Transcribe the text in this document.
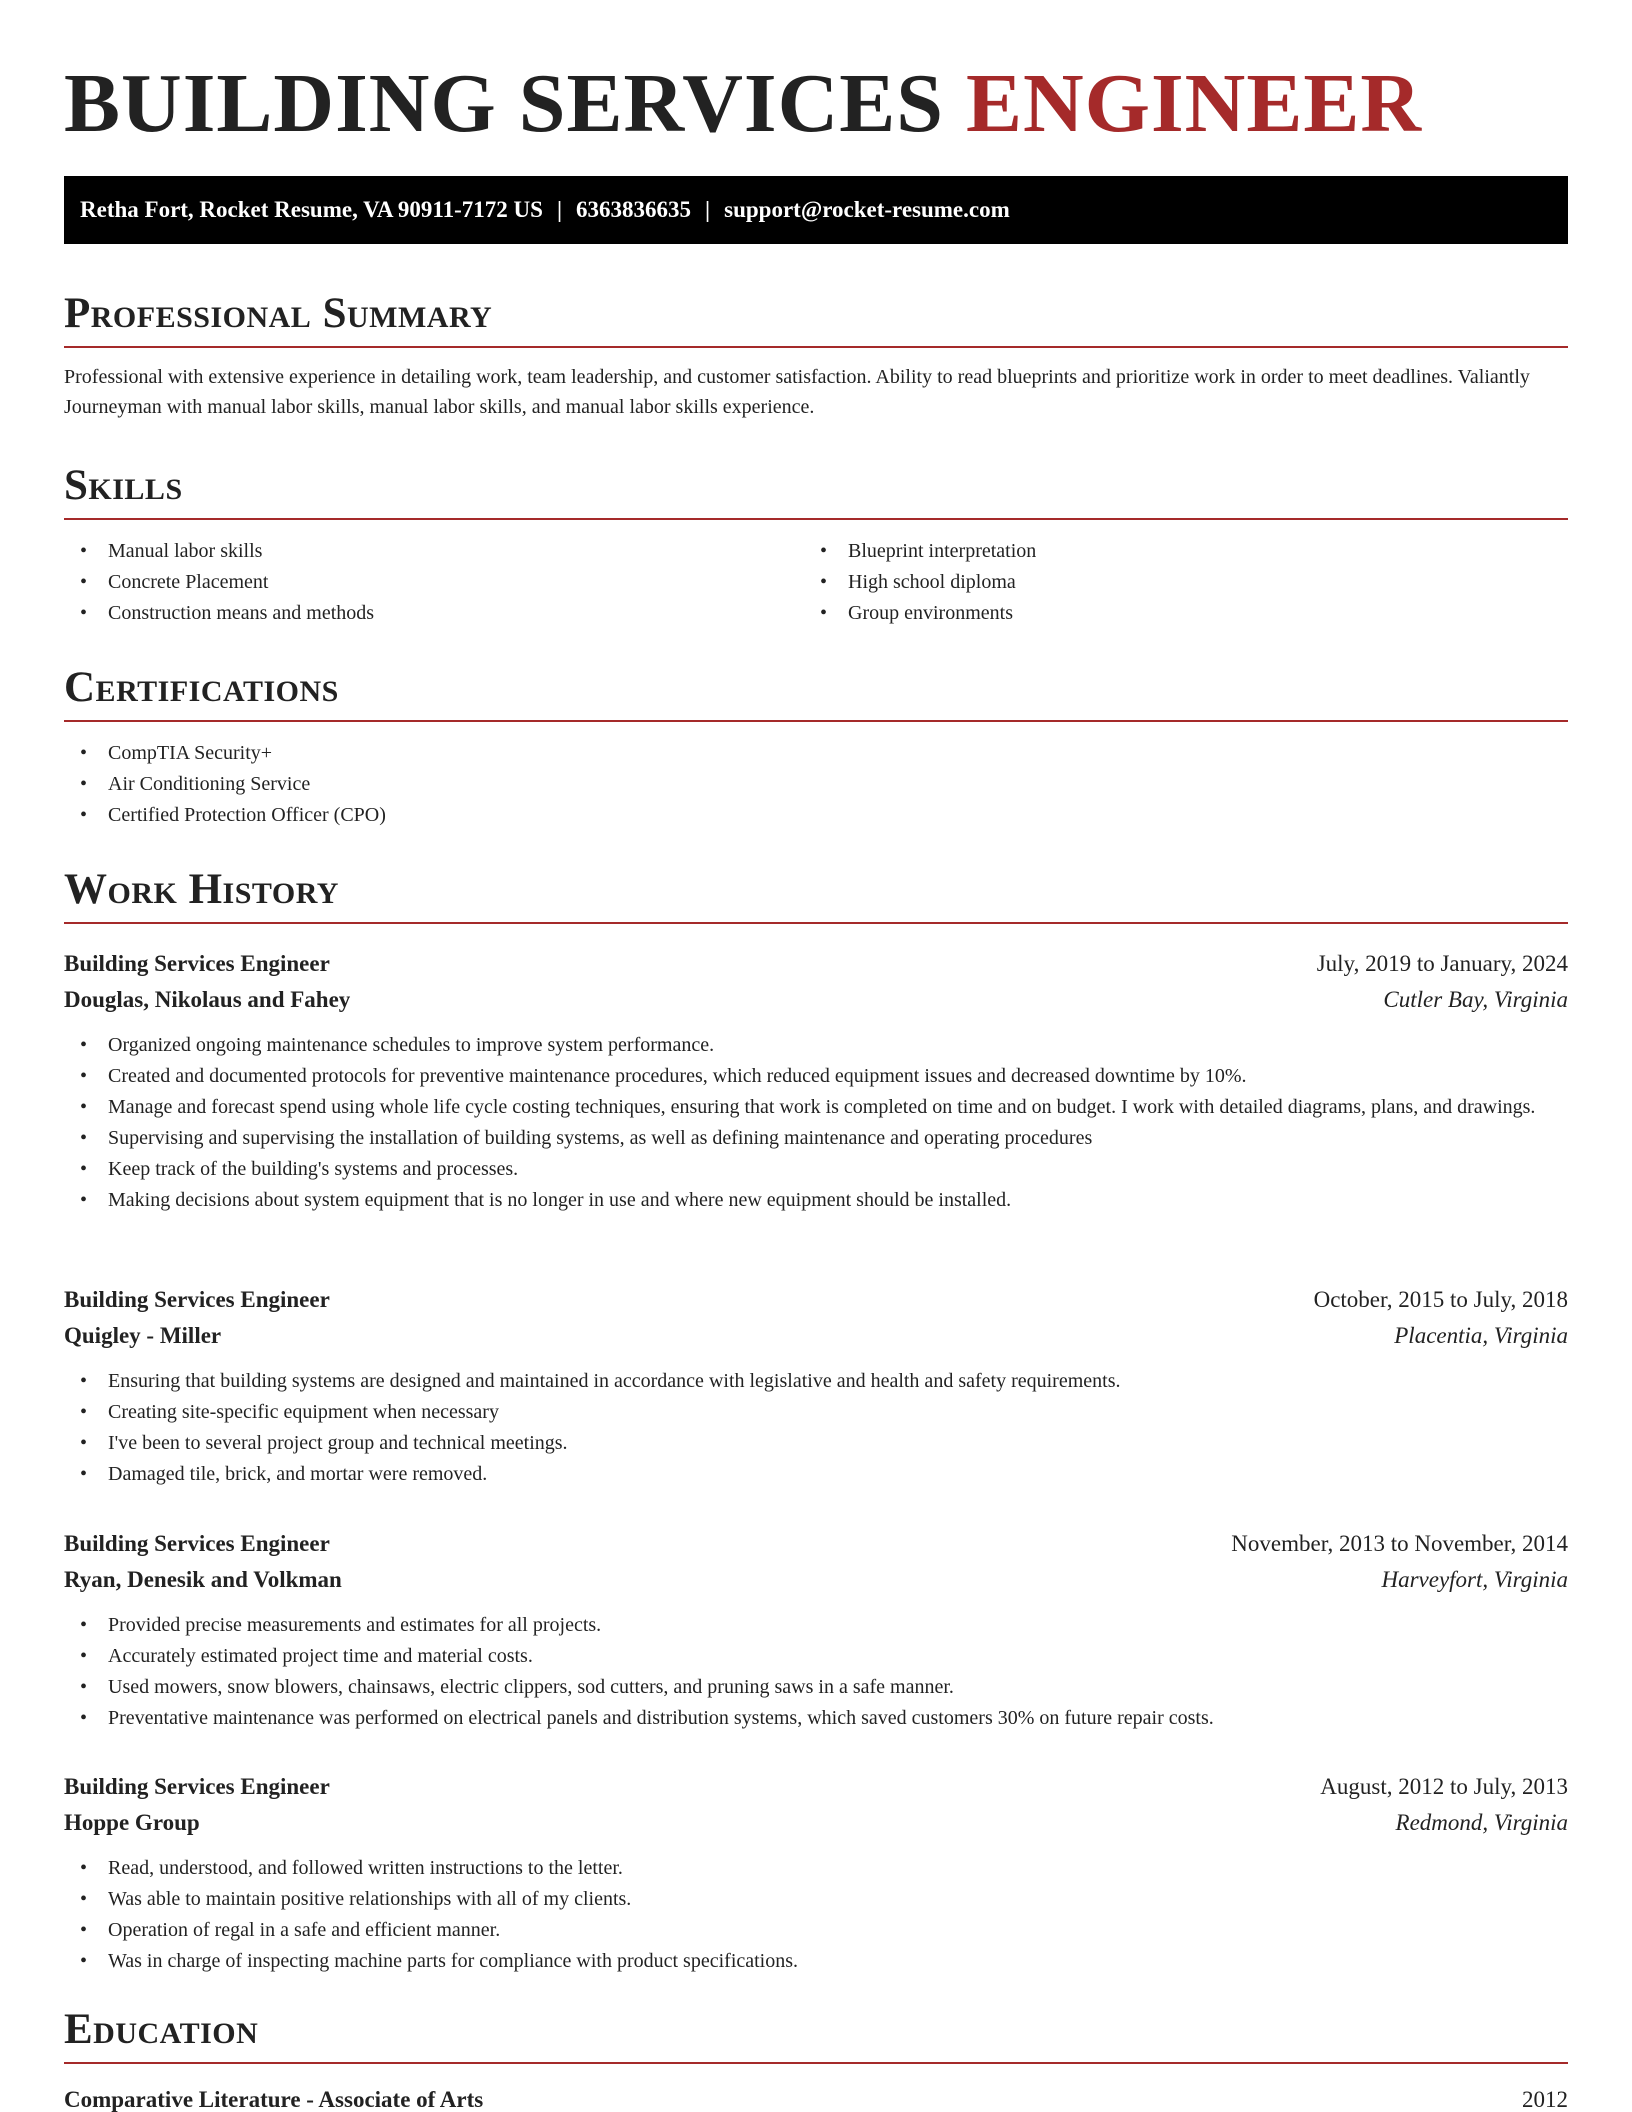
BUILDING SERVICES ENGINEER
Retha Fort, Rocket Resume, VA 90911-7172 US | 6363836635 | support@rocket-resume.com
Professional Summary
Professional with extensive experience in detailing work, team leadership, and customer satisfaction. Ability to read blueprints and prioritize work in order to meet deadlines. Valiantly Journeyman with manual labor skills, manual labor skills, and manual labor skills experience.
Skills
• Manual labor skills
• Concrete Placement
• Construction means and methods
• Blueprint interpretation
• High school diploma
• Group environments
Certifications
• CompTIA Security+
• Air Conditioning Service
• Certified Protection Officer (CPO)
Work History
Building Services Engineer	July, 2019 to January, 2024
Douglas, Nikolaus and Fahey	Cutler Bay, Virginia
• Organized ongoing maintenance schedules to improve system performance.
• Created and documented protocols for preventive maintenance procedures, which reduced equipment issues and decreased downtime by 10%.
• Manage and forecast spend using whole life cycle costing techniques, ensuring that work is completed on time and on budget. I work with detailed diagrams, plans, and drawings.
• Supervising and supervising the installation of building systems, as well as defining maintenance and operating procedures
• Keep track of the building's systems and processes.
• Making decisions about system equipment that is no longer in use and where new equipment should be installed.
Building Services Engineer	October, 2015 to July, 2018
Quigley - Miller	Placentia, Virginia
• Ensuring that building systems are designed and maintained in accordance with legislative and health and safety requirements.
• Creating site-specific equipment when necessary
• I've been to several project group and technical meetings.
• Damaged tile, brick, and mortar were removed.
Building Services Engineer	November, 2013 to November, 2014
Ryan, Denesik and Volkman	Harveyfort, Virginia
• Provided precise measurements and estimates for all projects.
• Accurately estimated project time and material costs.
• Used mowers, snow blowers, chainsaws, electric clippers, sod cutters, and pruning saws in a safe manner.
• Preventative maintenance was performed on electrical panels and distribution systems, which saved customers 30% on future repair costs.
Building Services Engineer	August, 2012 to July, 2013
Hoppe Group	Redmond, Virginia
• Read, understood, and followed written instructions to the letter.
• Was able to maintain positive relationships with all of my clients.
• Operation of regal in a safe and efficient manner.
• Was in charge of inspecting machine parts for compliance with product specifications.
Education
Comparative Literature - Associate of Arts	2012
